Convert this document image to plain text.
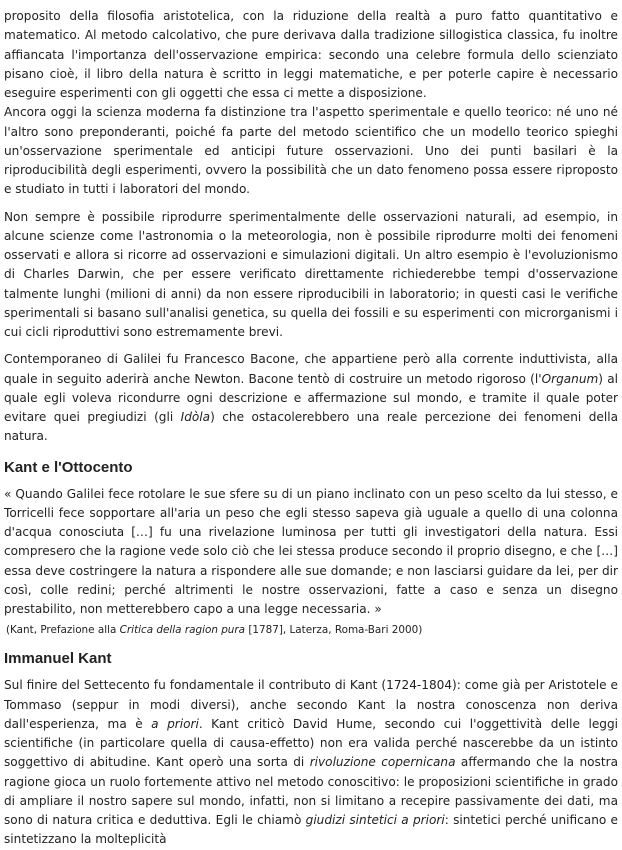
proposito della filosofia aristotelica, con la riduzione della realtà a puro fatto quantitativo e matematico. Al metodo calcolativo, che pure derivava dalla tradizione sillogistica classica, fu inoltre affiancata l'importanza dell'osservazione empirica: secondo una celebre formula dello scienziato pisano cioè, il libro della natura è scritto in leggi matematiche, e per poterle capire è necessario eseguire esperimenti con gli oggetti che essa ci mette a disposizione.

Ancora oggi la scienza moderna fa distinzione tra l'aspetto sperimentale e quello teorico: né uno né l'altro sono preponderanti, poiché fa parte del metodo scientifico che un modello teorico spieghi un'osservazione sperimentale ed anticipi future osservazioni. Uno dei punti basilari è la riproducibilità degli esperimenti, ovvero la possibilità che un dato fenomeno possa essere riproposto e studiato in tutti i laboratori del mondo.

Non sempre è possibile riprodurre sperimentalmente delle osservazioni naturali, ad esempio, in alcune scienze come l'astronomia o la meteorologia, non è possibile riprodurre molti dei fenomeni osservati e allora si ricorre ad osservazioni e simulazioni digitali. Un altro esempio è l'evoluzionismo di Charles Darwin, che per essere verificato direttamente richiederebbe tempi d'osservazione talmente lunghi (milioni di anni) da non essere riproducibili in laboratorio; in questi casi le verifiche sperimentali si basano sull'analisi genetica, su quella dei fossili e su esperimenti con microrganismi i cui cicli riproduttivi sono estremamente brevi.

Contemporaneo di Galilei fu Francesco Bacone, che appartiene però alla corrente induttivista, alla quale in seguito aderirà anche Newton. Bacone tentò di costruire un metodo rigoroso (l'Organum) al quale egli voleva ricondurre ogni descrizione e affermazione sul mondo, e tramite il quale poter evitare quei pregiudizi (gli Idòla) che ostacolerebbero una reale percezione dei fenomeni della natura.

Kant e l'Ottocento

« Quando Galilei fece rotolare le sue sfere su di un piano inclinato con un peso scelto da lui stesso, e Torricelli fece sopportare all'aria un peso che egli stesso sapeva già uguale a quello di una colonna d'acqua conosciuta […] fu una rivelazione luminosa per tutti gli investigatori della natura. Essi compresero che la ragione vede solo ciò che lei stessa produce secondo il proprio disegno, e che […] essa deve costringere la natura a rispondere alle sue domande; e non lasciarsi guidare da lei, per dir così, colle redini; perché altrimenti le nostre osservazioni, fatte a caso e senza un disegno prestabilito, non metterebbero capo a una legge necessaria. »

(Kant, Prefazione alla Critica della ragion pura [1787], Laterza, Roma-Bari 2000)

Immanuel Kant

Sul finire del Settecento fu fondamentale il contributo di Kant (1724-1804): come già per Aristotele e Tommaso (seppur in modi diversi), anche secondo Kant la nostra conoscenza non deriva dall'esperienza, ma è a priori. Kant criticò David Hume, secondo cui l'oggettività delle leggi scientifiche (in particolare quella di causa-effetto) non era valida perché nascerebbe da un istinto soggettivo di abitudine. Kant operò una sorta di rivoluzione copernicana affermando che la nostra ragione gioca un ruolo fortemente attivo nel metodo conoscitivo: le proposizioni scientifiche in grado di ampliare il nostro sapere sul mondo, infatti, non si limitano a recepire passivamente dei dati, ma sono di natura critica e deduttiva. Egli le chiamò giudizi sintetici a priori: sintetici perché unificano e sintetizzano la molteplicità
